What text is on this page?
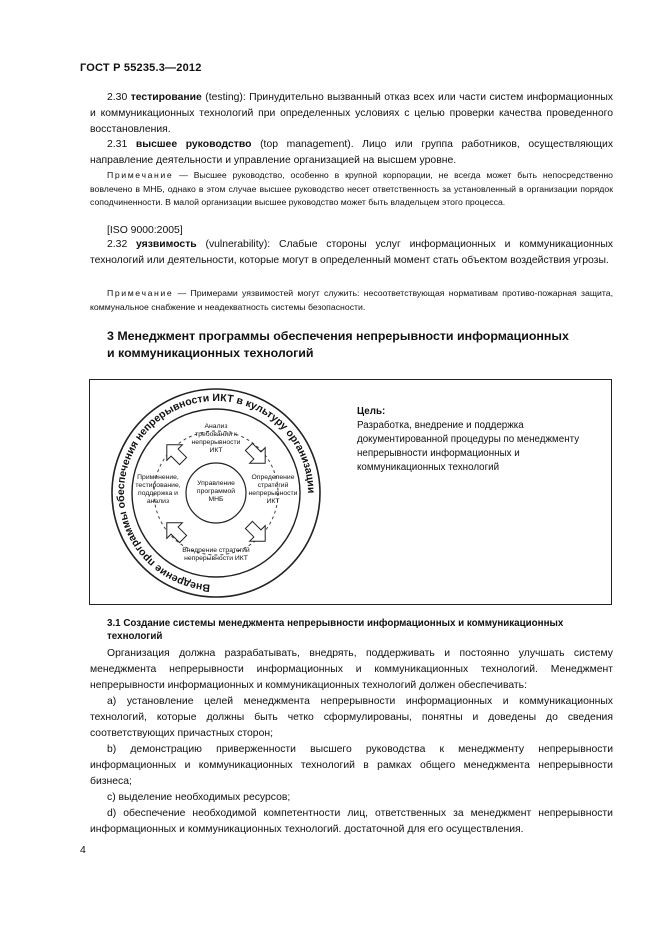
ГОСТ Р 55235.3—2012
2.30 тестирование (testing): Принудительно вызванный отказ всех или части систем информационных и коммуникационных технологий при определенных условиях с целью проверки качества проведенного восстановления.
2.31 высшее руководство (top management). Лицо или группа работников, осуществляющих направление деятельности и управление организацией на высшем уровне.
Примечание — Высшее руководство, особенно в крупной корпорации, не всегда может быть непосредственно вовлечено в МНБ, однако в этом случае высшее руководство несет ответственность за установленный в организации порядок соподчиненности. В малой организации высшее руководство может быть владельцем этого процесса.
[ISO 9000:2005]
2.32 уязвимость (vulnerability): Слабые стороны услуг информационных и коммуникационных технологий или деятельности, которые могут в определенный момент стать объектом воздействия угрозы.
Примечание — Примерами уязвимостей могут служить: несоответствующая нормативам противо-пожарная защита, коммунальное снабжение и неадекватность системы безопасности.
3 Менеджмент программы обеспечения непрерывности информационных и коммуникационных технологий
Внедрение программы обеспечения непрерывности ИКТ в культуру организации
Анализ требований к непрерывности ИКТ
Определение стратегий непрерывности ИКТ
Внедрение стратегий непрерывности ИКТ
Применение, тестирование, поддержка и анализ
Управление программой МНБ
Цель:
Разработка, внедрение и поддержка документированной процедуры по менеджменту непрерывности информационных и коммуникационных технологий
3.1 Создание системы менеджмента непрерывности информационных и коммуникационных технологий
Организация должна разрабатывать, внедрять, поддерживать и постоянно улучшать систему менеджмента непрерывности информационных и коммуникационных технологий. Менеджмент непрерывности информационных и коммуникационных технологий должен обеспечивать:
a) установление целей менеджмента непрерывности информационных и коммуникационных технологий, которые должны быть четко сформулированы, понятны и доведены до сведения соответствующих причастных сторон;
b) демонстрацию приверженности высшего руководства к менеджменту непрерывности информационных и коммуникационных технологий в рамках общего менеджмента непрерывности бизнеса;
c) выделение необходимых ресурсов;
d) обеспечение необходимой компетентности лиц, ответственных за менеджмент непрерывности информационных и коммуникационных технологий. достаточной для его осуществления.
4
